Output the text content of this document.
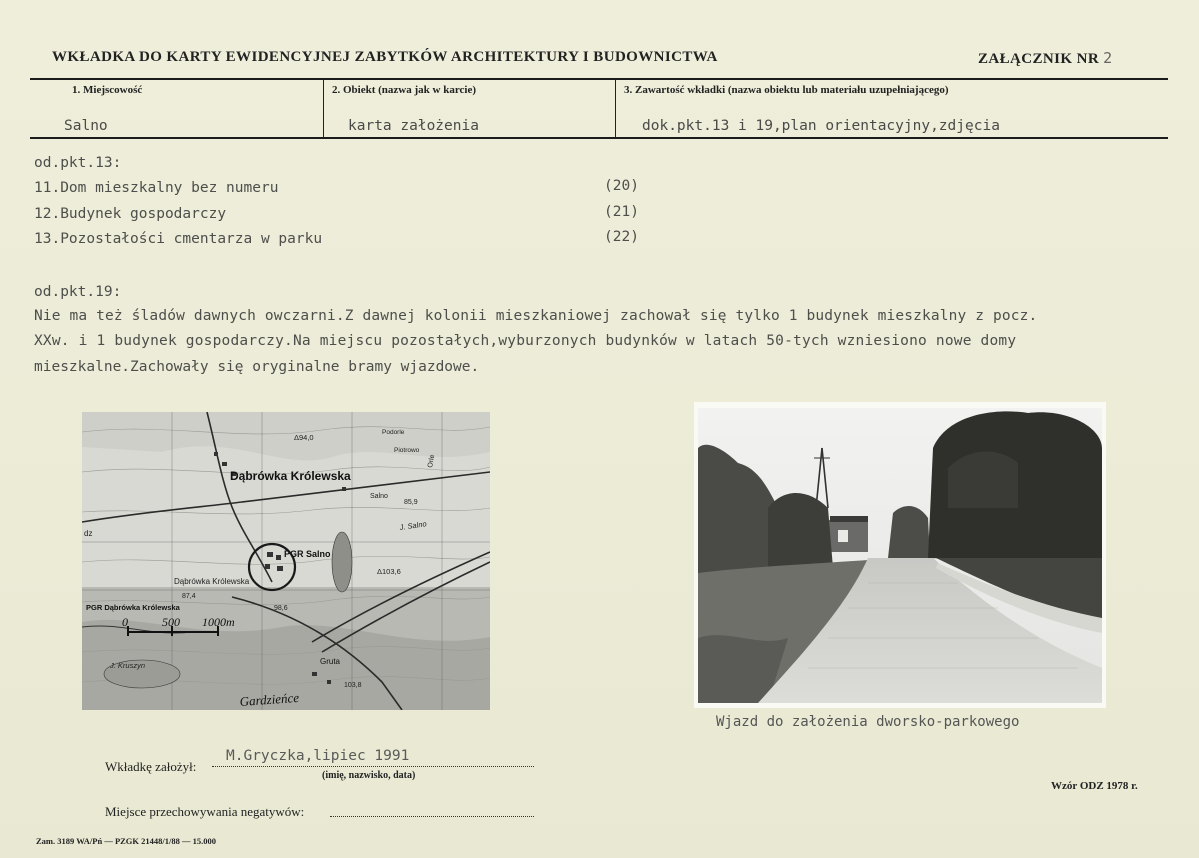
WKŁADKA DO KARTY EWIDENCYJNEJ ZABYTKÓW ARCHITEKTURY I BUDOWNICTWA	ZAŁĄCZNIK NR 2
1. Miejscowość	2. Obiekt (nazwa jak w karcie)	3. Zawartość wkładki (nazwa obiektu lub materiału uzupełniającego)
Salno	karta założenia	dok.pkt.13 i 19,plan orientacyjny,zdjęcia
od.pkt.13:
11.Dom mieszkalny bez numeru	(20)
12.Budynek gospodarczy	(21)
13.Pozostałości cmentarza w parku	(22)
od.pkt.19:
Nie ma też śladów dawnych owczarni.Z dawnej kolonii mieszkaniowej zachował się tylko 1 budynek mieszkalny z pocz.
XXw. i 1 budynek gospodarczy.Na miejscu pozostałych,wyburzonych budynków w latach 50-tych wzniesiono nowe domy
mieszkalne.Zachowały się oryginalne bramy wjazdowe.
Dąbrówka Królewska
PGR Salno
Salno
Dąbrówka Królewska
PGR Dąbrówka Królewska
Podorle
Piotrowo
Orle
Gruta
J. Salno
J. Kruszyn
dz
Δ94,0
Δ103,6
87,4
98,6
85,9
103,8
0	500 1000m
Gardzieńce
Wjazd do założenia dworsko-parkowego
Wkładkę założył:
M.Gryczka,lipiec 1991
(imię, nazwisko, data)
Miejsce przechowywania negatywów:
Wzór ODZ 1978 r.
Zam. 3189 WA/Pń — PZGK 21448/1/88 — 15.000
